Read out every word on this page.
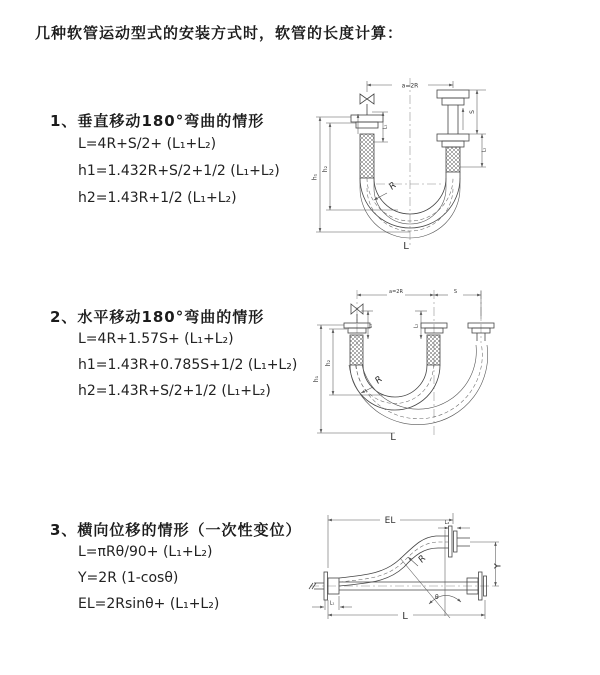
几种软管运动型式的安装方式时，软管的长度计算：
1、垂直移动180°弯曲的情形
L=4R+S/2+ (L₁+L₂)
h1=1.432R+S/2+1/2 (L₁+L₂)
h2=1.43R+1/2 (L₁+L₂)
2、水平移动180°弯曲的情形
L=4R+1.57S+ (L₁+L₂)
h1=1.43R+0.785S+1/2 (L₁+L₂)
h2=1.43R+S/2+1/2 (L₁+L₂)
3、横向位移的情形（一次性变位）
L=πRθ/90+ (L₁+L₂)
Y=2R (1-cosθ)
EL=2Rsinθ+ (L₁+L₂)
a=2R
h₁
h₂
L₁
S
L₂
R
L
a=2R	S
h₁
h₂
L₁	L₂
R
L
θ
R
EL	L₂
Y
L₁
L
